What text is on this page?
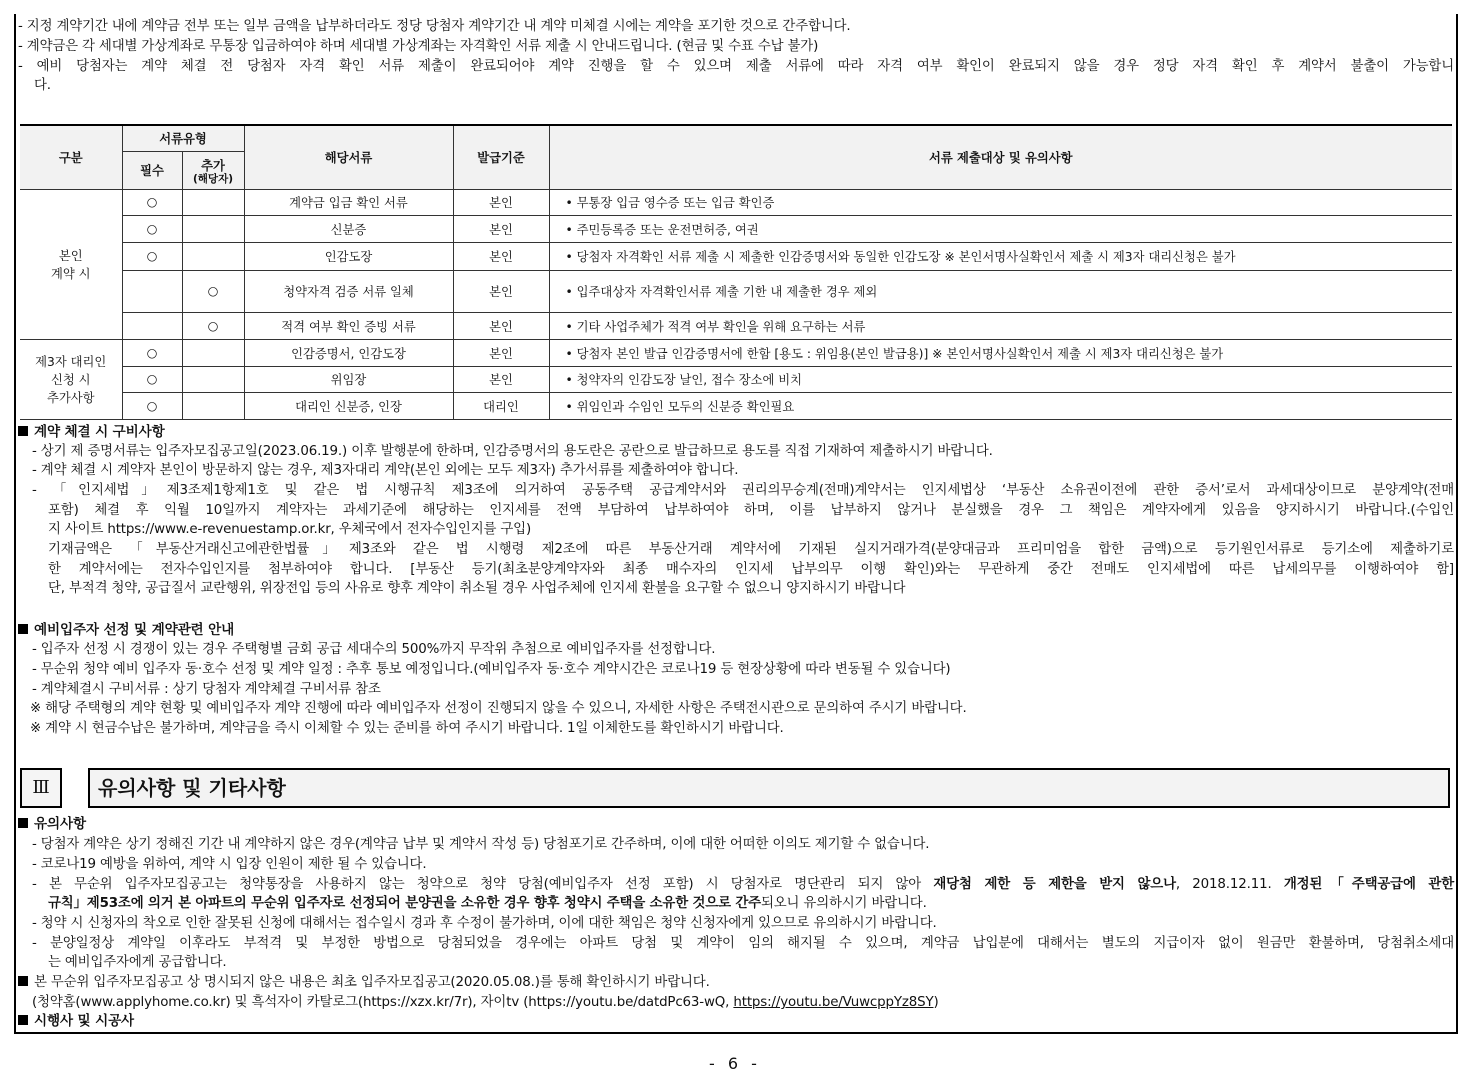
- 지정 계약기간 내에 계약금 전부 또는 일부 금액을 납부하더라도 정당 당첨자 계약기간 내 계약 미체결 시에는 계약을 포기한 것으로 간주합니다.
- 계약금은 각 세대별 가상계좌로 무통장 입금하여야 하며 세대별 가상계좌는 자격확인 서류 제출 시 안내드립니다. (현금 및 수표 수납 불가)
- 예비 당첨자는 계약 체결 전 당첨자 자격 확인 서류 제출이 완료되어야 계약 진행을 할 수 있으며 제출 서류에 따라 자격 여부 확인이 완료되지 않을 경우 정당 자격 확인 후 계약서 불출이 가능합니
다.
구분	서류유형		해당서류	발급기준	서류 제출대상 및 유의사항
	필수	추가
(해당자)			

본인
계약 시	○		계약금 입금 확인 서류	본인	• 무통장 입금 영수증 또는 입금 확인증
	○		신분증	본인	• 주민등록증 또는 운전면허증, 여권
	○		인감도장	본인	• 당첨자 자격확인 서류 제출 시 제출한 인감증명서와 동일한 인감도장 ※ 본인서명사실확인서 제출 시 제3자 대리신청은 불가
		○	청약자격 검증 서류 일체	본인	• 입주대상자 자격확인서류 제출 기한 내 제출한 경우 제외
		○	적격 여부 확인 증빙 서류	본인	• 기타 사업주체가 적격 여부 확인을 위해 요구하는 서류
제3자 대리인
신청 시
추가사항	○		인감증명서, 인감도장	본인	• 당첨자 본인 발급 인감증명서에 한함 [용도 : 위임용(본인 발급용)] ※ 본인서명사실확인서 제출 시 제3자 대리신청은 불가
	○		위임장	본인	• 청약자의 인감도장 날인, 접수 장소에 비치
	○		대리인 신분증, 인장	대리인	• 위임인과 수임인 모두의 신분증 확인필요
계약 체결 시 구비사항
- 상기 제 증명서류는 입주자모집공고일(2023.06.19.) 이후 발행분에 한하며, 인감증명서의 용도란은 공란으로 발급하므로 용도를 직접 기재하여 제출하시기 바랍니다.
- 계약 체결 시 계약자 본인이 방문하지 않는 경우, 제3자대리 계약(본인 외에는 모두 제3자) 추가서류를 제출하여야 합니다.
- 「인지세법」제3조제1항제1호 및 같은 법 시행규칙 제3조에 의거하여 공동주택 공급계약서와 권리의무승계(전매)계약서는 인지세법상 ‘부동산 소유권이전에 관한 증서’로서 과세대상이므로 분양계약(전매
포함) 체결 후 익월 10일까지 계약자는 과세기준에 해당하는 인지세를 전액 부담하여 납부하여야 하며, 이를 납부하지 않거나 분실했을 경우 그 책임은 계약자에게 있음을 양지하시기 바랍니다.(수입인
지 사이트 https://www.e-revenuestamp.or.kr, 우체국에서 전자수입인지를 구입)
기재금액은 「부동산거래신고에관한법률」제3조와 같은 법 시행령 제2조에 따른 부동산거래 계약서에 기재된 실지거래가격(분양대금과 프리미엄을 합한 금액)으로 등기원인서류로 등기소에 제출하기로
한 계약서에는 전자수입인지를 첨부하여야 합니다. [부동산 등기(최초분양계약자와 최종 매수자의 인지세 납부의무 이행 확인)와는 무관하게 중간 전매도 인지세법에 따른 납세의무를 이행하여야 함]
단, 부적격 청약, 공급질서 교란행위, 위장전입 등의 사유로 향후 계약이 취소될 경우 사업주체에 인지세 환불을 요구할 수 없으니 양지하시기 바랍니다
예비입주자 선정 및 계약관련 안내
- 입주자 선정 시 경쟁이 있는 경우 주택형별 금회 공급 세대수의 500%까지 무작위 추첨으로 예비입주자를 선정합니다.
- 무순위 청약 예비 입주자 동·호수 선정 및 계약 일정 : 추후 통보 예정입니다.(예비입주자 동·호수 계약시간은 코로나19 등 현장상황에 따라 변동될 수 있습니다)
- 계약체결시 구비서류 : 상기 당첨자 계약체결 구비서류 참조
※ 해당 주택형의 계약 현황 및 예비입주자 계약 진행에 따라 예비입주자 선정이 진행되지 않을 수 있으니, 자세한 사항은 주택전시관으로 문의하여 주시기 바랍니다.
※ 계약 시 현금수납은 불가하며, 계약금을 즉시 이체할 수 있는 준비를 하여 주시기 바랍니다. 1일 이체한도를 확인하시기 바랍니다.
Ⅲ	유의사항 및 기타사항
유의사항
- 당첨자 계약은 상기 정해진 기간 내 계약하지 않은 경우(계약금 납부 및 계약서 작성 등) 당첨포기로 간주하며, 이에 대한 어떠한 이의도 제기할 수 없습니다.
- 코로나19 예방을 위하여, 계약 시 입장 인원이 제한 될 수 있습니다.
- 본 무순위 입주자모집공고는 청약통장을 사용하지 않는 청약으로 청약 당첨(예비입주자 선정 포함) 시 당첨자로 명단관리 되지 않아 재당첨 제한 등 제한을 받지 않으나, 2018.12.11. 개정된「주택공급에 관한
규칙」제53조에 의거 본 아파트의 무순위 입주자로 선정되어 분양권을 소유한 경우 향후 청약시 주택을 소유한 것으로 간주되오니 유의하시기 바랍니다.
- 청약 시 신청자의 착오로 인한 잘못된 신청에 대해서는 접수일시 경과 후 수정이 불가하며, 이에 대한 책임은 청약 신청자에게 있으므로 유의하시기 바랍니다.
- 분양일정상 계약일 이후라도 부적격 및 부정한 방법으로 당첨되었을 경우에는 아파트 당첨 및 계약이 임의 해지될 수 있으며, 계약금 납입분에 대해서는 별도의 지급이자 없이 원금만 환불하며, 당첨취소세대
는 예비입주자에게 공급합니다.
본 무순위 입주자모집공고 상 명시되지 않은 내용은 최초 입주자모집공고(2020.05.08.)를 통해 확인하시기 바랍니다.
(청약홈(www.applyhome.co.kr) 및 흑석자이 카탈로그(https://xzx.kr/7r), 자이tv (https://youtu.be/datdPc63-wQ, https://youtu.be/VuwcppYz8SY)
시행사 및 시공사
- 6 -
